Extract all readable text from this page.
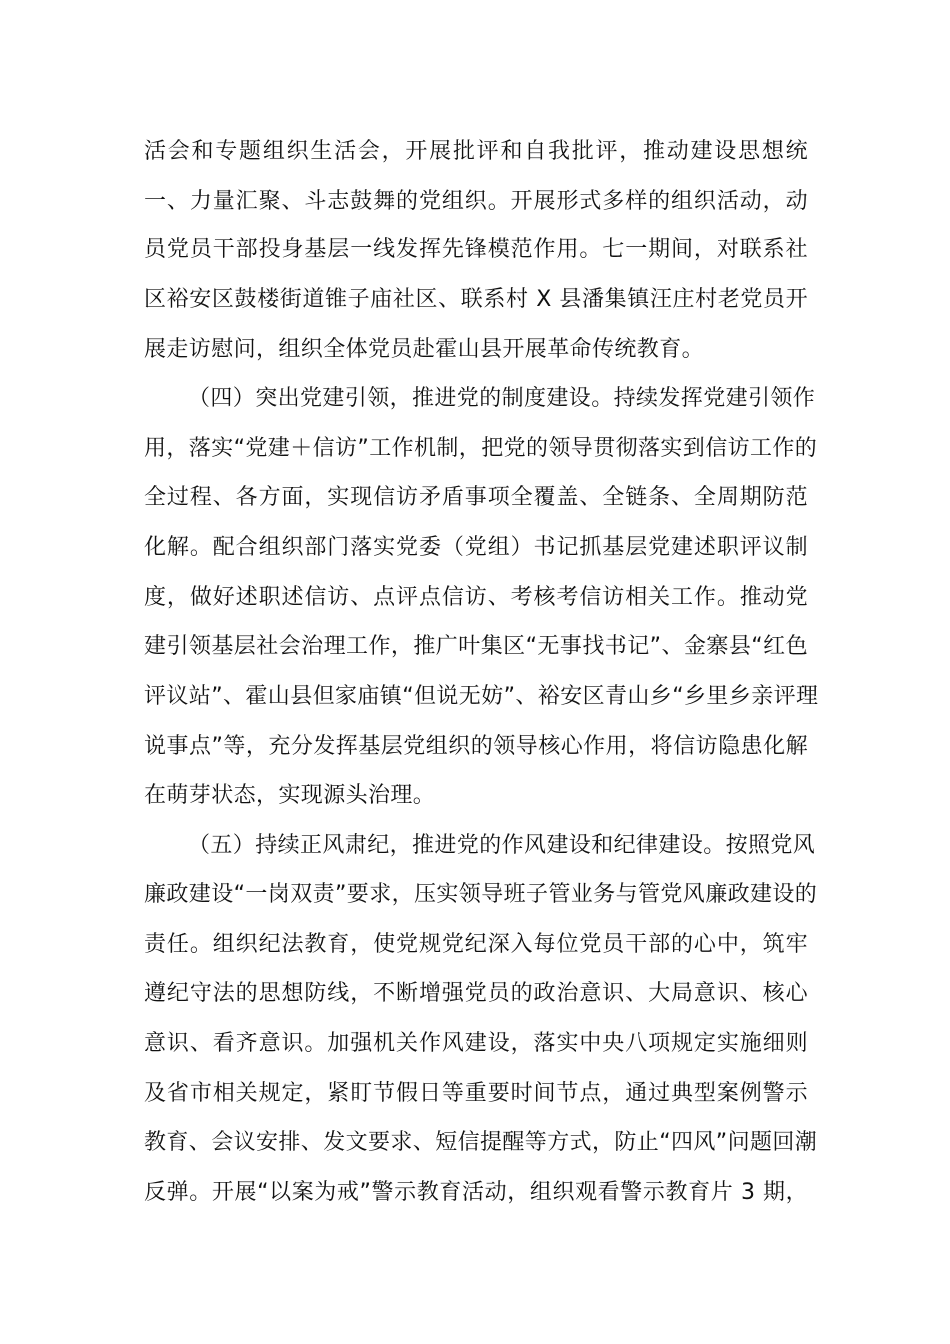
活会和专题组织生活会，开展批评和自我批评，推动建设思想统
一、力量汇聚、斗志鼓舞的党组织。开展形式多样的组织活动，动
员党员干部投身基层一线发挥先锋模范作用。七一期间，对联系社
区裕安区鼓楼街道锥子庙社区、联系村 X 县潘集镇汪庄村老党员开
展走访慰问，组织全体党员赴霍山县开展革命传统教育。
（四）突出党建引领，推进党的制度建设。持续发挥党建引领作
用，落实“党建＋信访”工作机制，把党的领导贯彻落实到信访工作的
全过程、各方面，实现信访矛盾事项全覆盖、全链条、全周期防范
化解。配合组织部门落实党委（党组）书记抓基层党建述职评议制
度，做好述职述信访、点评点信访、考核考信访相关工作。推动党
建引领基层社会治理工作，推广叶集区“无事找书记”、金寨县“红色
评议站”、霍山县但家庙镇“但说无妨”、裕安区青山乡“乡里乡亲评理
说事点”等，充分发挥基层党组织的领导核心作用，将信访隐患化解
在萌芽状态，实现源头治理。
（五）持续正风肃纪，推进党的作风建设和纪律建设。按照党风
廉政建设“一岗双责”要求，压实领导班子管业务与管党风廉政建设的
责任。组织纪法教育，使党规党纪深入每位党员干部的心中，筑牢
遵纪守法的思想防线，不断增强党员的政治意识、大局意识、核心
意识、看齐意识。加强机关作风建设，落实中央八项规定实施细则
及省市相关规定，紧盯节假日等重要时间节点，通过典型案例警示
教育、会议安排、发文要求、短信提醒等方式，防止“四风”问题回潮
反弹。开展“以案为戒”警示教育活动，组织观看警示教育片 3 期，
